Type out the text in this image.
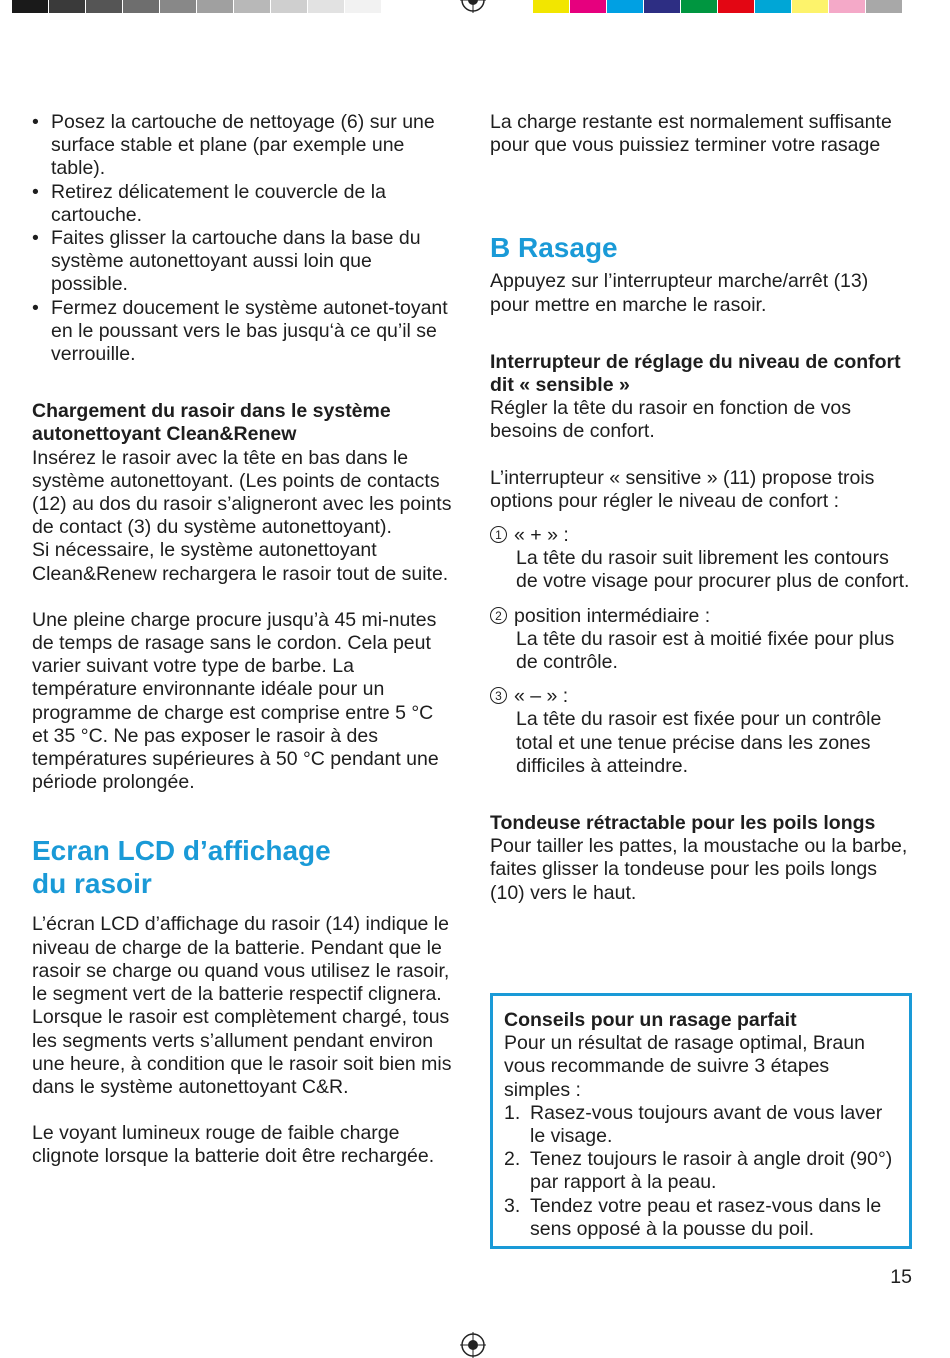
• Posez la cartouche de nettoyage (6) sur une surface stable et plane (par exemple une table).
• Retirez délicatement le couvercle de la cartouche.
• Faites glisser la cartouche dans la base du système autonettoyant aussi loin que possible.
• Fermez doucement le système autonet-toyant en le poussant vers le bas jusqu‘à ce qu’il se verrouille.

Chargement du rasoir dans le système autonettoyant Clean&Renew

Insérez le rasoir avec la tête en bas dans le système autonettoyant. (Les points de contacts (12) au dos du rasoir s’aligneront avec les points de contact (3) du système autonettoyant).

Si nécessaire, le système autonettoyant Clean&Renew rechargera le rasoir tout de suite.

Une pleine charge procure jusqu’à 45 mi-nutes de temps de rasage sans le cordon. Cela peut varier suivant votre type de barbe. La température environnante idéale pour un programme de charge est comprise entre 5 °C et 35 °C. Ne pas exposer le rasoir à des températures supérieures à 50 °C pendant une période prolongée.

Ecran LCD d’affichage
du rasoir

L’écran LCD d’affichage du rasoir (14) indique le niveau de charge de la batterie. Pendant que le rasoir se charge ou quand vous utilisez le rasoir, le segment vert de la batterie respectif clignera. Lorsque le rasoir est complètement chargé, tous les segments verts s’allument pendant environ une heure, à condition que le rasoir soit bien mis dans le système autonettoyant C&R.

Le voyant lumineux rouge de faible charge clignote lorsque la batterie doit être rechargée.

La charge restante est normalement suffisante pour que vous puissiez terminer votre rasage

B Rasage

Appuyez sur l’interrupteur marche/arrêt (13) pour mettre en marche le rasoir.

Interrupteur de réglage du niveau de confort dit « sensible »

Régler la tête du rasoir en fonction de vos besoins de confort.

L’interrupteur « sensitive » (11) propose trois options pour régler le niveau de confort :

1 « + » :

La tête du rasoir suit librement les contours de votre visage pour procurer plus de confort.

2 position intermédiaire :

La tête du rasoir est à moitié fixée pour plus de contrôle.

3 « – » :

La tête du rasoir est fixée pour un contrôle total et une tenue précise dans les zones difficiles à atteindre.

Tondeuse rétractable pour les poils longs

Pour tailler les pattes, la moustache ou la barbe, faites glisser la tondeuse pour les poils longs (10) vers le haut.

Conseils pour un rasage parfait

Pour un résultat de rasage optimal, Braun vous recommande de suivre 3 étapes simples :

1. Rasez-vous toujours avant de vous laver le visage.
2. Tenez toujours le rasoir à angle droit (90°) par rapport à la peau.
3. Tendez votre peau et rasez-vous dans le sens opposé à la pousse du poil.
15
